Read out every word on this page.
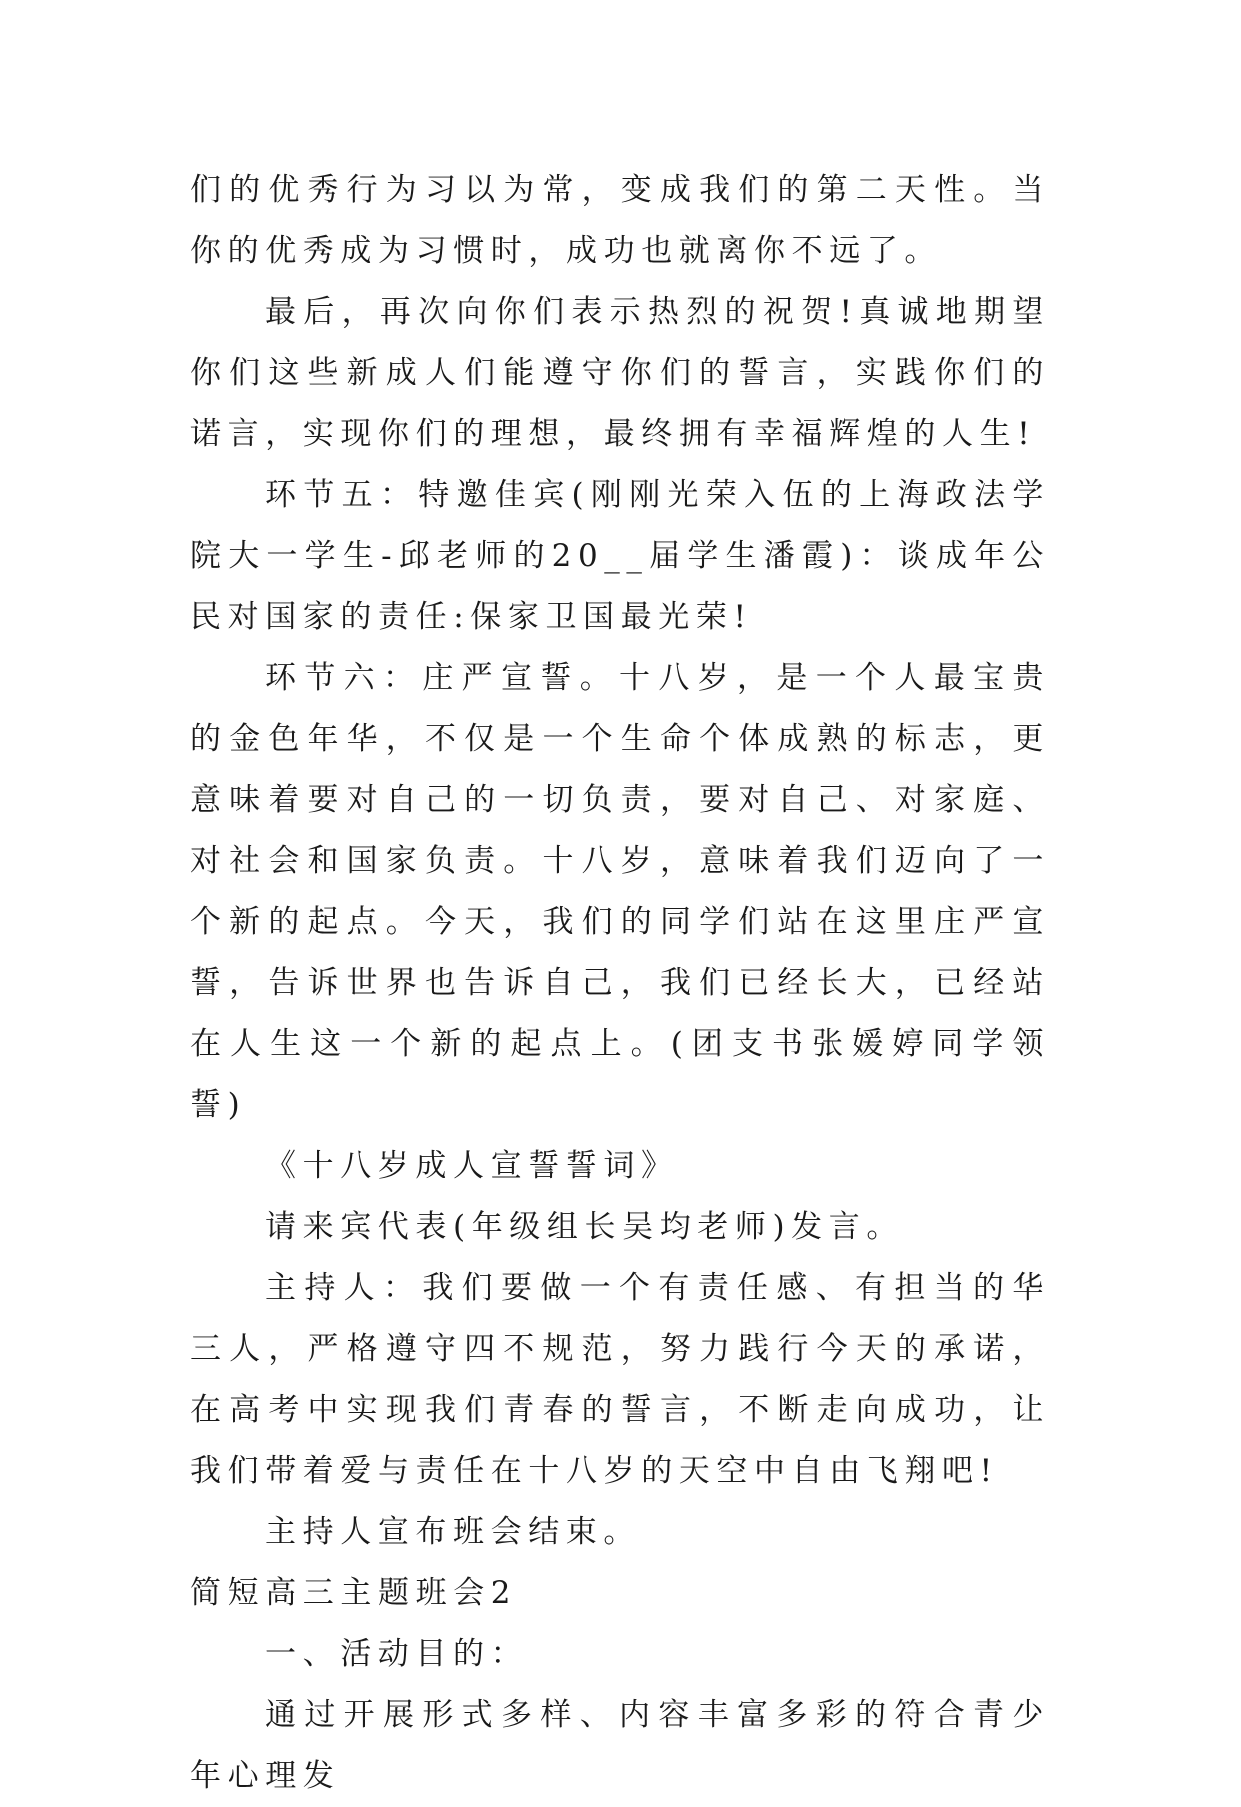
们的优秀行为习以为常，变成我们的第二天性。当你的优秀成为习惯时，成功也就离你不远了。

最后，再次向你们表示热烈的祝贺!真诚地期望你们这些新成人们能遵守你们的誓言，实践你们的诺言，实现你们的理想，最终拥有幸福辉煌的人生!

环节五：特邀佳宾(刚刚光荣入伍的上海政法学院大一学生-邱老师的20__届学生潘霞)：谈成年公民对国家的责任:保家卫国最光荣!

环节六：庄严宣誓。十八岁，是一个人最宝贵的金色年华，不仅是一个生命个体成熟的标志，更意味着要对自己的一切负责，要对自己、对家庭、对社会和国家负责。十八岁，意味着我们迈向了一个新的起点。今天，我们的同学们站在这里庄严宣誓，告诉世界也告诉自己，我们已经长大，已经站在人生这一个新的起点上。(团支书张媛婷同学领誓)

《十八岁成人宣誓誓词》

请来宾代表(年级组长吴均老师)发言。

主持人：我们要做一个有责任感、有担当的华三人，严格遵守四不规范，努力践行今天的承诺，在高考中实现我们青春的誓言，不断走向成功，让我们带着爱与责任在十八岁的天空中自由飞翔吧!

主持人宣布班会结束。

简短高三主题班会2

一、活动目的：

通过开展形式多样、内容丰富多彩的符合青少年心理发
